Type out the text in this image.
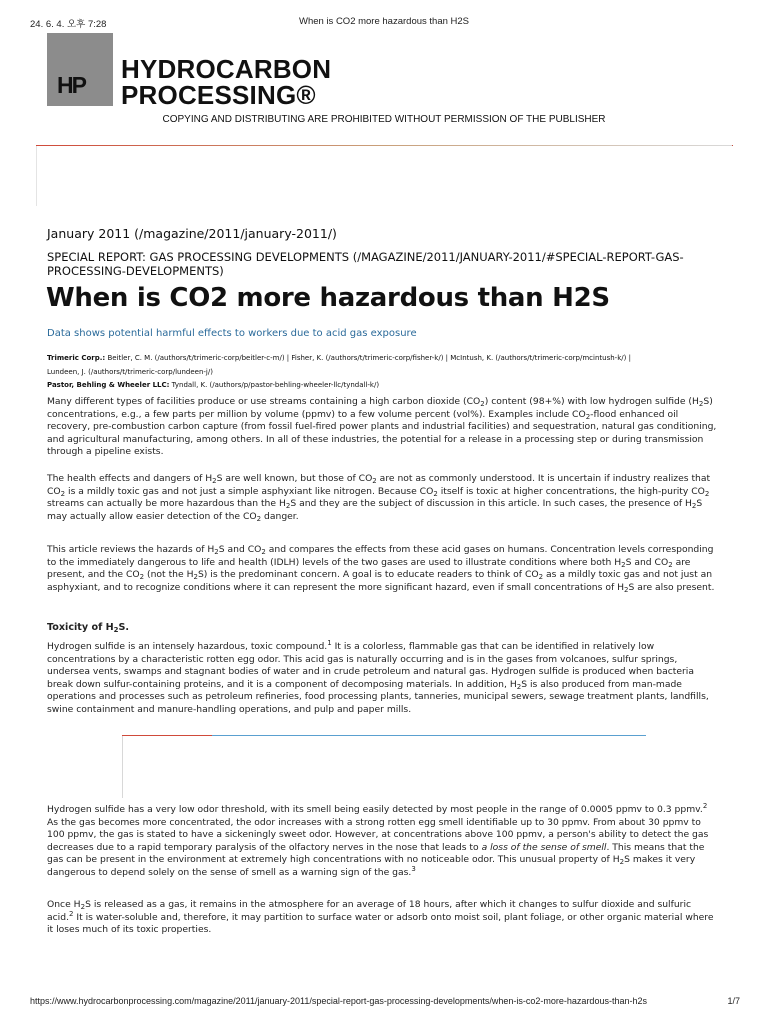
24. 6. 4. 오후 7:28	When is CO2 more hazardous than H2S
HP
HYDROCARBON
PROCESSING®
COPYING AND DISTRIBUTING ARE PROHIBITED WITHOUT PERMISSION OF THE PUBLISHER
January 2011 (/magazine/2011/january-2011/)
SPECIAL REPORT: GAS PROCESSING DEVELOPMENTS (/MAGAZINE/2011/JANUARY-2011/#SPECIAL-REPORT-GAS-PROCESSING-DEVELOPMENTS)
When is CO2 more hazardous than H2S
Data shows potential harmful effects to workers due to acid gas exposure
Trimeric Corp.: Beitler, C. M. (/authors/t/trimeric-corp/beitler-c-m/) | Fisher, K. (/authors/t/trimeric-corp/fisher-k/) | McIntush, K. (/authors/t/trimeric-corp/mcintush-k/) |
Lundeen, J. (/authors/t/trimeric-corp/lundeen-j/)
Pastor, Behling & Wheeler LLC: Tyndall, K. (/authors/p/pastor-behling-wheeler-llc/tyndall-k/)

Many different types of facilities produce or use streams containing a high carbon dioxide $(CO_2)$ content (98+%) with low hydrogen sulfide $(H_2S)$ concentrations, e.g., a few parts per million by volume (ppmv) to a few volume percent (vol%). Examples include $CO_2$-flood enhanced oil recovery, pre-combustion carbon capture (from fossil fuel-fired power plants and industrial facilities) and sequestration, natural gas conditioning, and agricultural manufacturing, among others. In all of these industries, the potential for a release in a processing step or during transmission through a pipeline exists.

The health effects and dangers of $H_2S$ are well known, but those of $CO_2$ are not as commonly understood. It is uncertain if industry realizes that $CO_2$ is a mildly toxic gas and not just a simple asphyxiant like nitrogen. Because $CO_2$ itself is toxic at higher concentrations, the high-purity $CO_2$ streams can actually be more hazardous than the $H_2S$ and they are the subject of discussion in this article. In such cases, the presence of $H_2S$ may actually allow easier detection of the $CO_2$ danger.

This article reviews the hazards of $H_2S$ and $CO_2$ and compares the effects from these acid gases on humans. Concentration levels corresponding to the immediately dangerous to life and health (IDLH) levels of the two gases are used to illustrate conditions where both $H_2S$ and $CO_2$ are present, and the $CO_2$ (not the $H_2S$) is the predominant concern. A goal is to educate readers to think of $CO_2$ as a mildly toxic gas and not just an asphyxiant, and to recognize conditions where it can represent the more significant hazard, even if small concentrations of $H_2S$ are also present.

Toxicity of $H_2S$.

Hydrogen sulfide is an intensely hazardous, toxic compound.$^1$ It is a colorless, flammable gas that can be identified in relatively low concentrations by a characteristic rotten egg odor. This acid gas is naturally occurring and is in the gases from volcanoes, sulfur springs, undersea vents, swamps and stagnant bodies of water and in crude petroleum and natural gas. Hydrogen sulfide is produced when bacteria break down sulfur-containing proteins, and it is a component of decomposing materials. In addition, $H_2S$ is also produced from man-made operations and processes such as petroleum refineries, food processing plants, tanneries, municipal sewers, sewage treatment plants, landfills, swine containment and manure-handling operations, and pulp and paper mills.

Hydrogen sulfide has a very low odor threshold, with its smell being easily detected by most people in the range of 0.0005 ppmv to 0.3 ppmv.$^2$ As the gas becomes more concentrated, the odor increases with a strong rotten egg smell identifiable up to 30 ppmv. From about 30 ppmv to 100 ppmv, the gas is stated to have a sickeningly sweet odor. However, at concentrations above 100 ppmv, a person's ability to detect the gas decreases due to a rapid temporary paralysis of the olfactory nerves in the nose that leads to a loss of the sense of smell. This means that the gas can be present in the environment at extremely high concentrations with no noticeable odor. This unusual property of $H_2S$ makes it very dangerous to depend solely on the sense of smell as a warning sign of the gas.$^3$

Once $H_2S$ is released as a gas, it remains in the atmosphere for an average of 18 hours, after which it changes to sulfur dioxide and sulfuric acid.$^2$ It is water-soluble and, therefore, it may partition to surface water or adsorb onto moist soil, plant foliage, or other organic material where it loses much of its toxic properties.

https://www.hydrocarbonprocessing.com/magazine/2011/january-2011/special-report-gas-processing-developments/when-is-co2-more-hazardous-than-h2s	1/7
